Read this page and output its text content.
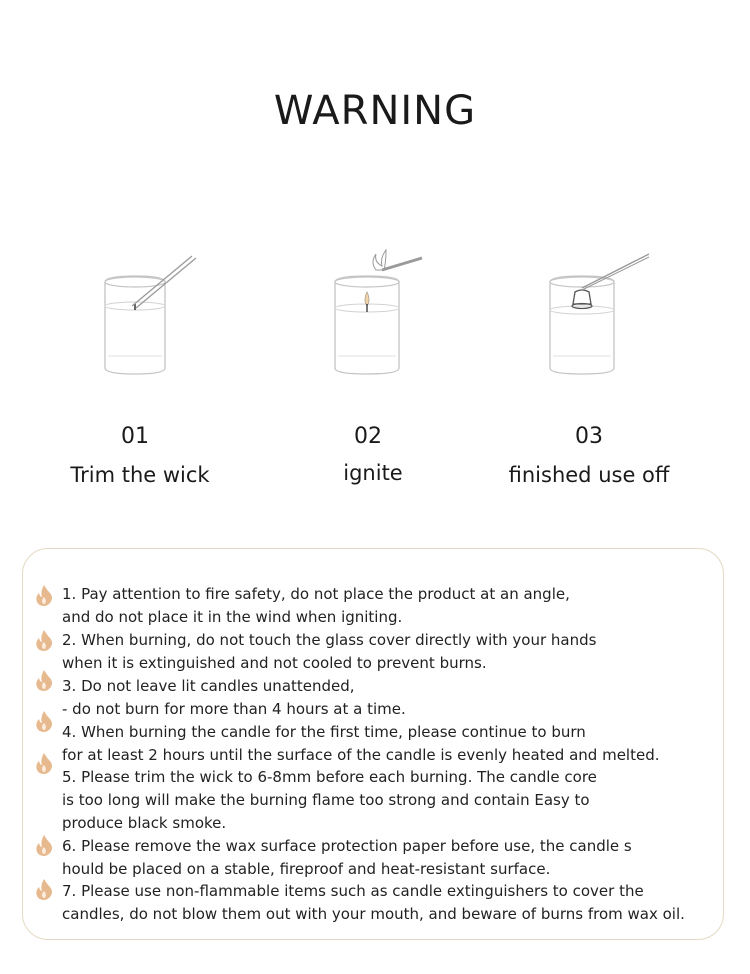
WARNING
01
Trim the wick
02
ignite
03
finished use off
1. Pay attention to fire safety, do not place the product at an angle,
and do not place it in the wind when igniting.
2. When burning, do not touch the glass cover directly with your hands
when it is extinguished and not cooled to prevent burns.
3. Do not leave lit candles unattended,
- do not burn for more than 4 hours at a time.
4. When burning the candle for the first time, please continue to burn
for at least 2 hours until the surface of the candle is evenly heated and melted.
5. Please trim the wick to 6-8mm before each burning. The candle core
is too long will make the burning flame too strong and contain Easy to
produce black smoke.
6. Please remove the wax surface protection paper before use, the candle s
hould be placed on a stable, fireproof and heat-resistant surface.
7. Please use non-flammable items such as candle extinguishers to cover the
candles, do not blow them out with your mouth, and beware of burns from wax oil.
